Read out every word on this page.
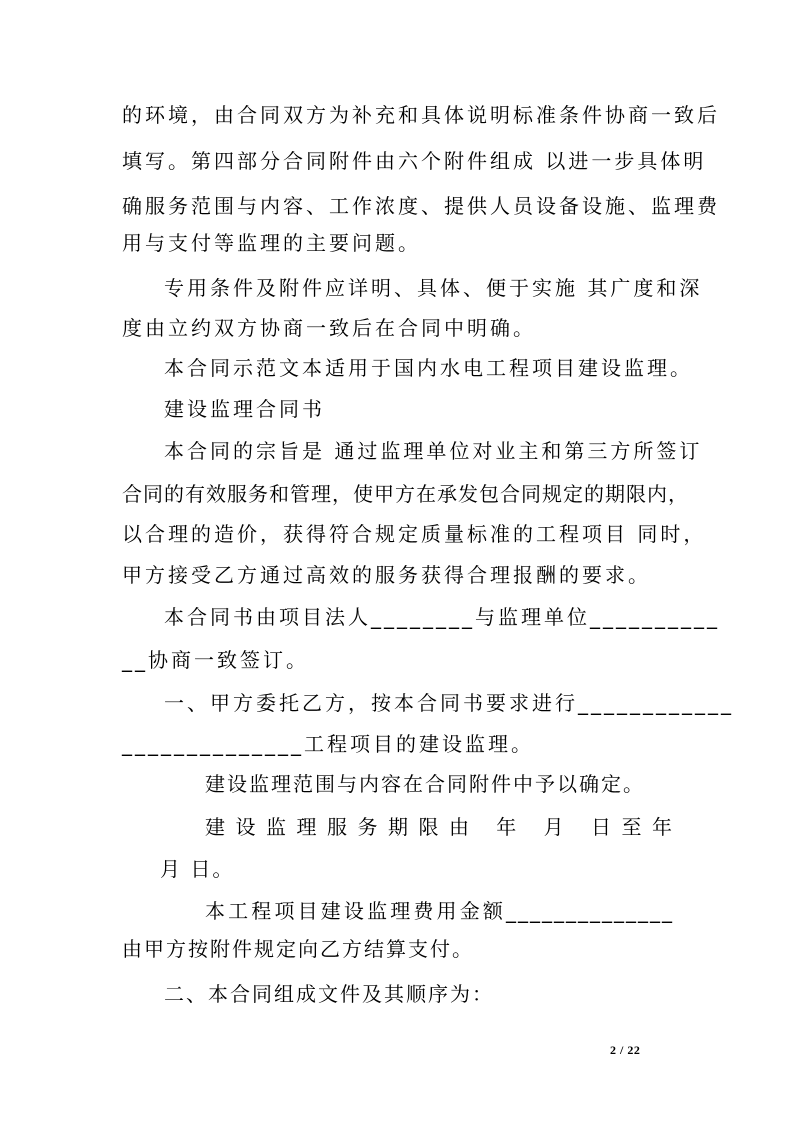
的环境，由合同双方为补充和具体说明标准条件协商一致后
填写。第四部分合同附件由六个附件组成 以进一步具体明
确服务范围与内容、工作浓度、提供人员设备设施、监理费
用与支付等监理的主要问题。
专用条件及附件应详明、具体、便于实施 其广度和深
度由立约双方协商一致后在合同中明确。
本合同示范文本适用于国内水电工程项目建设监理。
建设监理合同书
本合同的宗旨是 通过监理单位对业主和第三方所签订
合同的有效服务和管理，使甲方在承发包合同规定的期限内，
以合理的造价，获得符合规定质量标准的工程项目 同时，
甲方接受乙方通过高效的服务获得合理报酬的要求。
本合同书由项目法人________与监理单位__________
__协商一致签订。
一、甲方委托乙方，按本合同书要求进行____________
______________工程项目的建设监理。
建设监理范围与内容在合同附件中予以确定。
建设监理服务期限由 年 月 日至年
月 日。
本工程项目建设监理费用金额______________
由甲方按附件规定向乙方结算支付。
二、本合同组成文件及其顺序为：
2 / 22
